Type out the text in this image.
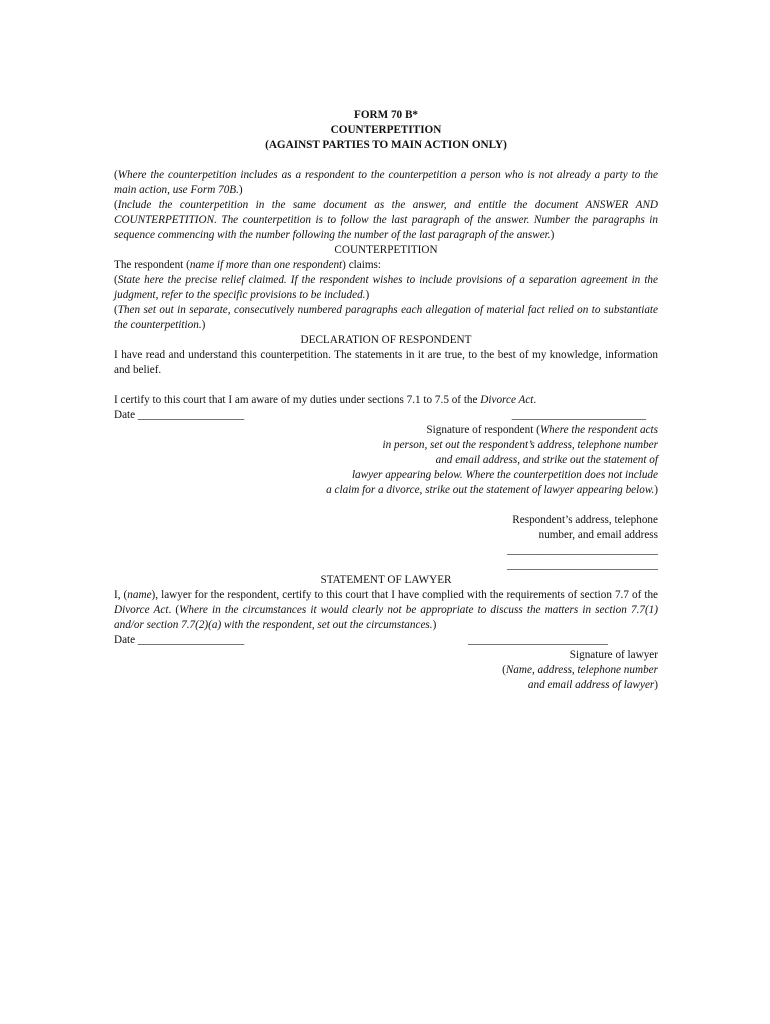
FORM 70 B*
COUNTERPETITION
(AGAINST PARTIES TO MAIN ACTION ONLY)

(Where the counterpetition includes as a respondent to the counterpetition a person who is not already a party to the main action, use Form 70B.)

(Include the counterpetition in the same document as the answer, and entitle the document ANSWER AND COUNTERPETITION. The counterpetition is to follow the last paragraph of the answer. Number the paragraphs in sequence commencing with the number following the number of the last paragraph of the answer.)

COUNTERPETITION

The respondent (name if more than one respondent) claims:

(State here the precise relief claimed. If the respondent wishes to include provisions of a separation agreement in the judgment, refer to the specific provisions to be included.)

(Then set out in separate, consecutively numbered paragraphs each allegation of material fact relied on to substantiate the counterpetition.)

DECLARATION OF RESPONDENT

I have read and understand this counterpetition. The statements in it are true, to the best of my knowledge, information and belief.

I certify to this court that I am aware of my duties under sections 7.1 to 7.5 of the Divorce Act.

Date ___________________	________________________
Signature of respondent (Where the respondent acts
in person, set out the respondent’s address, telephone number
and email address, and strike out the statement of
lawyer appearing below. Where the counterpetition does not include
a claim for a divorce, strike out the statement of lawyer appearing below.)
Respondent’s address, telephone
number, and email address
___________________________
___________________________
STATEMENT OF LAWYER

I, (name), lawyer for the respondent, certify to this court that I have complied with the requirements of section 7.7 of the Divorce Act. (Where in the circumstances it would clearly not be appropriate to discuss the matters in section 7.7(1) and/or section 7.7(2)(a) with the respondent, set out the circumstances.)

Date ___________________	_________________________
Signature of lawyer
(Name, address, telephone number
and email address of lawyer)
